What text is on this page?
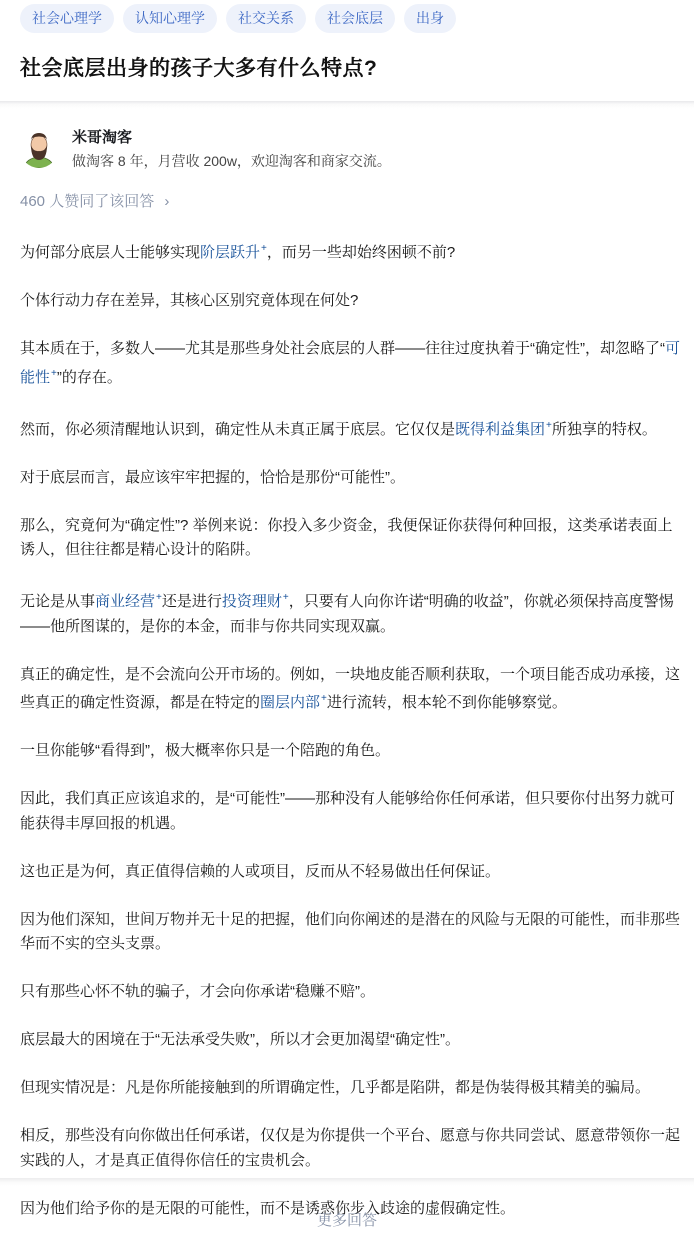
社会心理学	认知心理学	社交关系	社会底层	出身
社会底层出身的孩子大多有什么特点?
米哥淘客
做淘客 8 年，月营收 200w，欢迎淘客和商家交流。
460 人赞同了该回答 ›

为何部分底层人士能够实现阶层跃升+，而另一些却始终困顿不前?

个体行动力存在差异，其核心区别究竟体现在何处?

其本质在于，多数人——尤其是那些身处社会底层的人群——往往过度执着于“确定性”，却忽略了“可能性+”的存在。

然而，你必须清醒地认识到，确定性从未真正属于底层。它仅仅是既得利益集团+所独享的特权。

对于底层而言，最应该牢牢把握的，恰恰是那份“可能性”。

那么，究竟何为“确定性”? 举例来说：你投入多少资金，我便保证你获得何种回报，这类承诺表面上诱人，但往往都是精心设计的陷阱。

无论是从事商业经营+还是进行投资理财+，只要有人向你许诺“明确的收益”，你就必须保持高度警惕——他所图谋的，是你的本金，而非与你共同实现双赢。

真正的确定性，是不会流向公开市场的。例如，一块地皮能否顺利获取，一个项目能否成功承接，这些真正的确定性资源，都是在特定的圈层内部+进行流转，根本轮不到你能够察觉。

一旦你能够“看得到”，极大概率你只是一个陪跑的角色。

因此，我们真正应该追求的，是“可能性”——那种没有人能够给你任何承诺，但只要你付出努力就可能获得丰厚回报的机遇。

这也正是为何，真正值得信赖的人或项目，反而从不轻易做出任何保证。

因为他们深知，世间万物并无十足的把握，他们向你阐述的是潜在的风险与无限的可能性，而非那些华而不实的空头支票。

只有那些心怀不轨的骗子，才会向你承诺“稳赚不赔”。

底层最大的困境在于“无法承受失败”，所以才会更加渴望“确定性”。

但现实情况是：凡是你所能接触到的所谓确定性，几乎都是陷阱，都是伪装得极其精美的骗局。

相反，那些没有向你做出任何承诺，仅仅是为你提供一个平台、愿意与你共同尝试、愿意带领你一起实践的人，才是真正值得你信任的宝贵机会。

因为他们给予你的是无限的可能性，而不是诱惑你步入歧途的虚假确定性。

更多回答
